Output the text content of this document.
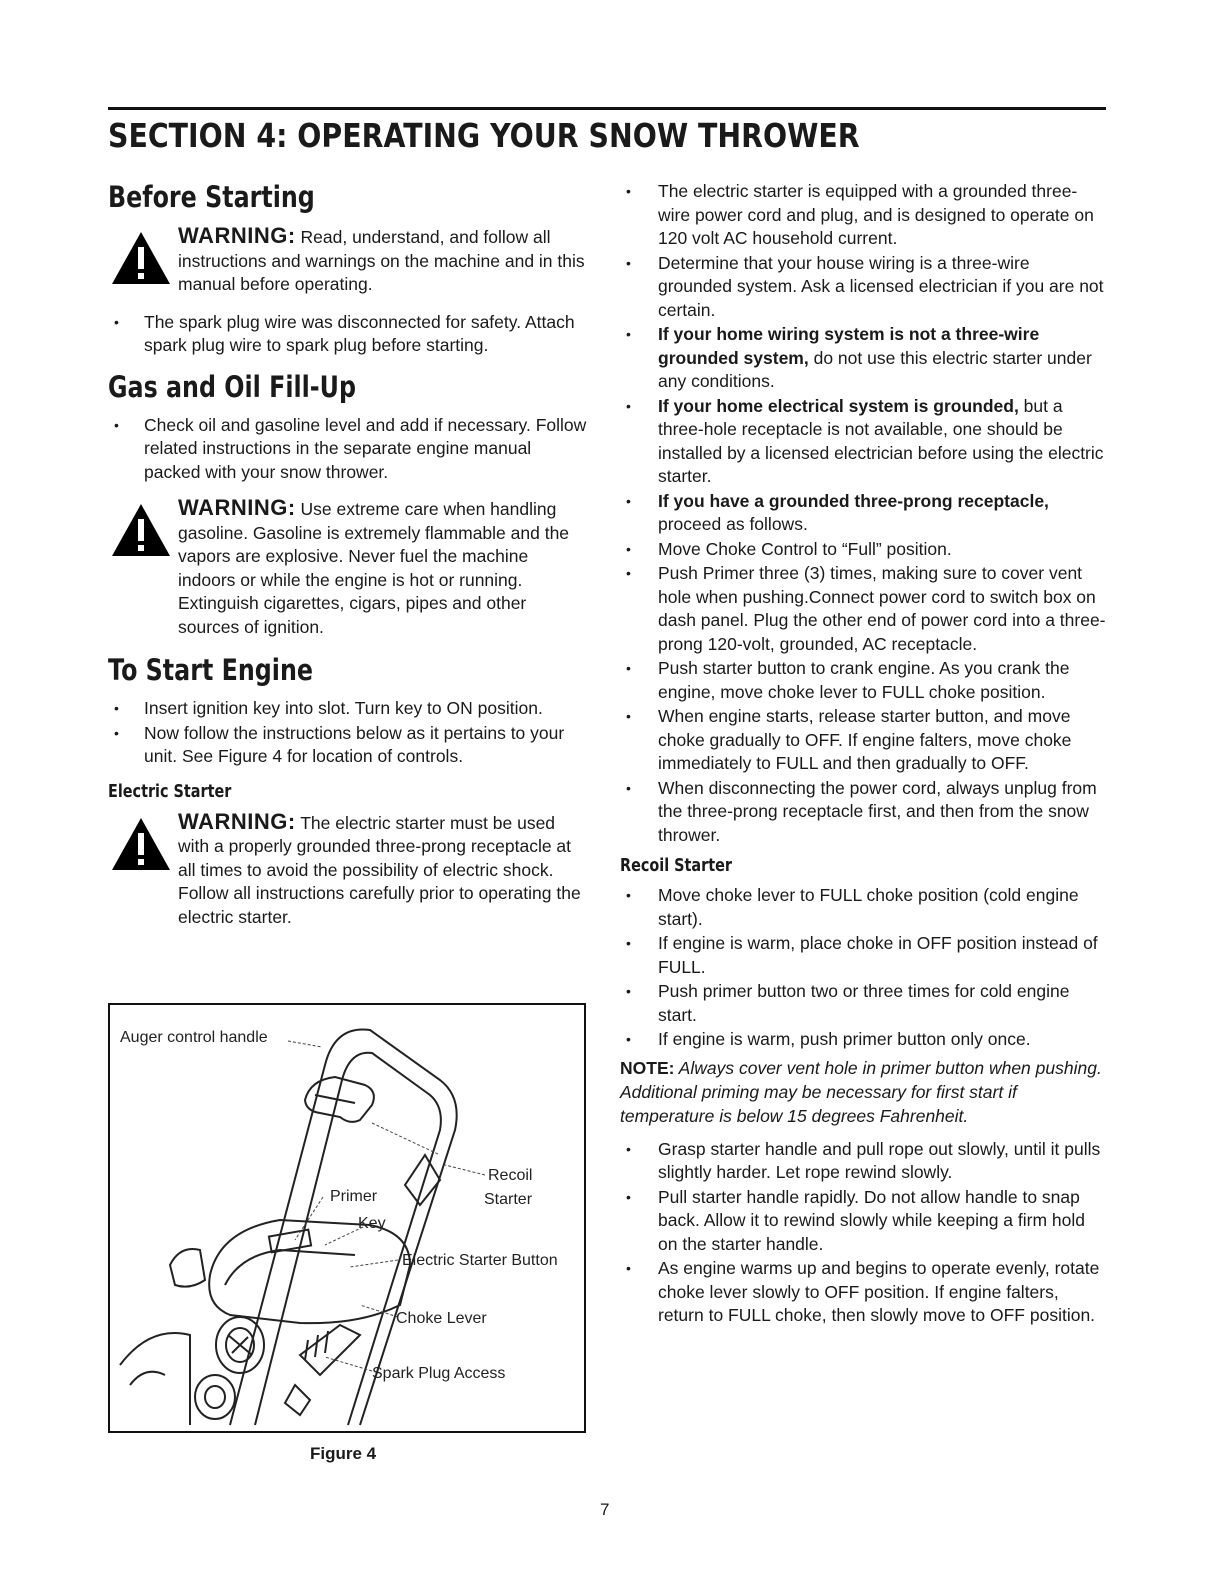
SECTION 4: OPERATING YOUR SNOW THROWER
Before Starting
WARNING: Read, understand, and follow all instructions and warnings on the machine and in this manual before operating.
• The spark plug wire was disconnected for safety. Attach spark plug wire to spark plug before starting.
Gas and Oil Fill-Up
• Check oil and gasoline level and add if necessary. Follow related instructions in the separate engine manual packed with your snow thrower.
WARNING: Use extreme care when handling gasoline. Gasoline is extremely flammable and the vapors are explosive. Never fuel the machine indoors or while the engine is hot or running. Extinguish cigarettes, cigars, pipes and other sources of ignition.
To Start Engine
• Insert ignition key into slot. Turn key to ON position.
• Now follow the instructions below as it pertains to your unit. See Figure 4 for location of controls.
Electric Starter
WARNING: The electric starter must be used with a properly grounded three-prong receptacle at all times to avoid the possibility of electric shock. Follow all instructions carefully prior to operating the electric starter.
Auger control handle
Recoil
Starter
Primer
Key
Electric Starter Button
Choke Lever
Spark Plug Access
Figure 4
• The electric starter is equipped with a grounded three-wire power cord and plug, and is designed to operate on 120 volt AC household current.
• Determine that your house wiring is a three-wire grounded system. Ask a licensed electrician if you are not certain.
• If your home wiring system is not a three-wire grounded system, do not use this electric starter under any conditions.
• If your home electrical system is grounded, but a three-hole receptacle is not available, one should be installed by a licensed electrician before using the electric starter.
• If you have a grounded three-prong receptacle, proceed as follows.
• Move Choke Control to “Full” position.
• Push Primer three (3) times, making sure to cover vent hole when pushing.Connect power cord to switch box on dash panel. Plug the other end of power cord into a three-prong 120-volt, grounded, AC receptacle.
• Push starter button to crank engine. As you crank the engine, move choke lever to FULL choke position.
• When engine starts, release starter button, and move choke gradually to OFF. If engine falters, move choke immediately to FULL and then gradually to OFF.
• When disconnecting the power cord, always unplug from the three-prong receptacle first, and then from the snow thrower.
Recoil Starter
• Move choke lever to FULL choke position (cold engine start).
• If engine is warm, place choke in OFF position instead of FULL.
• Push primer button two or three times for cold engine start.
• If engine is warm, push primer button only once.

NOTE: Always cover vent hole in primer button when pushing. Additional priming may be necessary for first start if temperature is below 15 degrees Fahrenheit.

• Grasp starter handle and pull rope out slowly, until it pulls slightly harder. Let rope rewind slowly.
• Pull starter handle rapidly. Do not allow handle to snap back. Allow it to rewind slowly while keeping a firm hold on the starter handle.
• As engine warms up and begins to operate evenly, rotate choke lever slowly to OFF position. If engine falters, return to FULL choke, then slowly move to OFF position.
7
